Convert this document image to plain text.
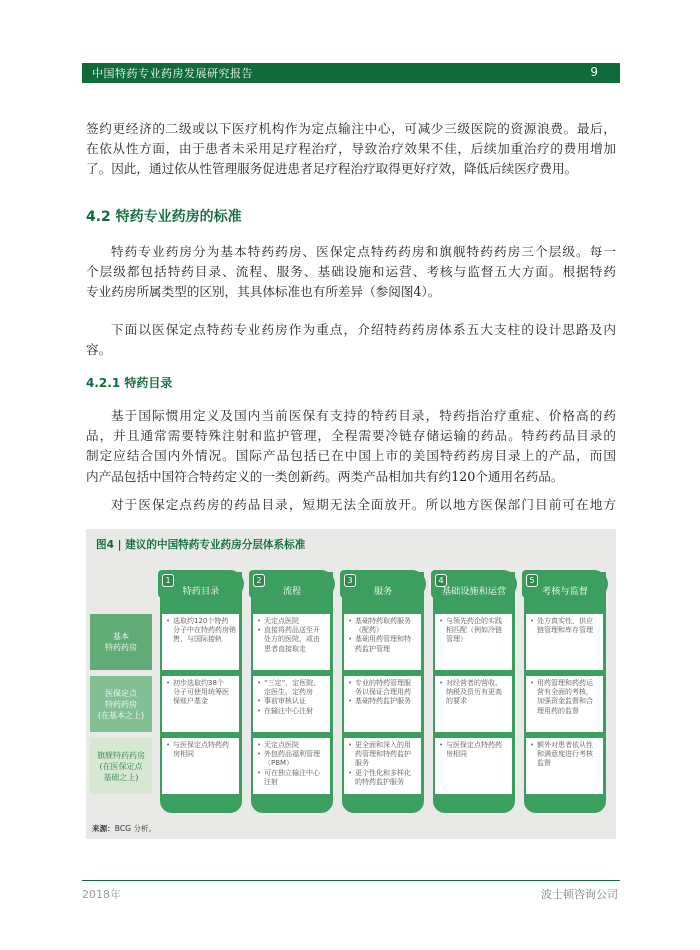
中国特药专业药房发展研究报告	9
签约更经济的二级或以下医疗机构作为定点输注中心，可减少三级医院的资源浪费。最后，
在依从性方面，由于患者未采用足疗程治疗，导致治疗效果不佳，后续加重治疗的费用增加
了。因此，通过依从性管理服务促进患者足疗程治疗取得更好疗效，降低后续医疗费用。
4.2 特药专业药房的标准
特药专业药房分为基本特药药房、医保定点特药药房和旗舰特药药房三个层级。每一
个层级都包括特药目录、流程、服务、基础设施和运营、考核与监督五大方面。根据特药
专业药房所属类型的区别，其具体标准也有所差异（参阅图4）。
下面以医保定点特药专业药房作为重点，介绍特药药房体系五大支柱的设计思路及内
容。
4.2.1 特药目录
基于国际惯用定义及国内当前医保有支持的特药目录，特药指治疗重症、价格高的药
品，并且通常需要特殊注射和监护管理，全程需要冷链存储运输的药品。特药药品目录的
制定应结合国内外情况。国际产品包括已在中国上市的美国特药药房目录上的产品，而国
内产品包括中国符合特药定义的一类创新药。两类产品相加共有约120个通用名药品。
对于医保定点药房的药品目录，短期无法全面放开。所以地方医保部门目前可在地方
图4 | 建议的中国特药专业药房分层体系标准
1
特药目录
2
流程
3
服务
4
基础设施和运营
5
考核与监督
基本
特药药房
• 选取约120个特药
分子中在特药药房销
售，与国际接轨
• 无定点医院
• 直接将药品送至开
处方的医院，或由
患者直接取走
• 基础特药取药服务
（配药）
• 基础用药管理和特
药监护管理
• 与领先药企的实践
相匹配（例如冷链
管理）
• 处方真实性、供应
链管理和库存管理
医保定点
特药药房
(在基本之上)
• 初步选取约38个
分子可使用统筹医
保账户基金
• “三定”，定医院、
定医生、定药房
• 事前审核认证
• 在输注中心注射
• 专业的特药管理服
务以保证合理用药
• 基础特药监护服务
• 对经营者的营收、
纳税及资历有更高
的要求
• 用药管理和药药运
营有全面的考核，
加强资金监督和合
理用药的监督
旗舰特药药房
(在医保定点
基础之上)
• 与医保定点特药药
房相同
• 无定点医院
• 外包药品福利管理
（PBM）
• 可在独立输注中心
注射
• 更全面和深入的用
药管理和特药监护
服务
• 更个性化和多样化
的特药监护服务
• 与医保定点特药药
房相同
• 额外对患者依从性
和满意度进行考核
监督
来源：BCG 分析。
2018年	波士顿咨询公司
